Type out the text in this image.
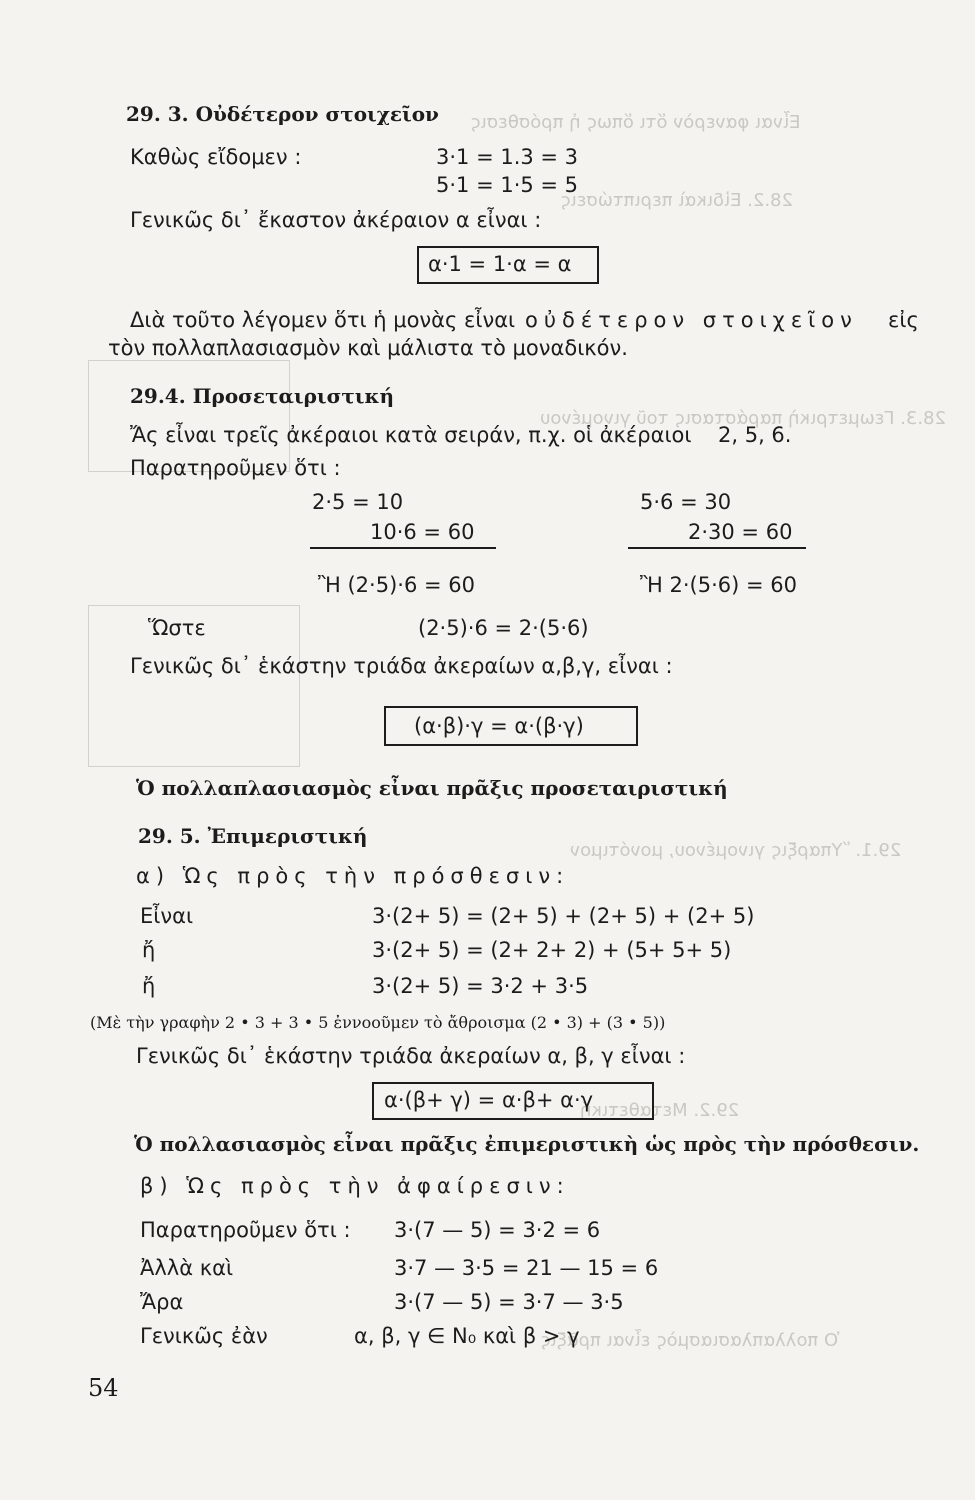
Εἶναι φανερὸν ὅτι ὅπως ἡ πρόσθεσις
28.2. Εἰδικαὶ περιπτώσεις
28.3. Γεωμετρικὴ παράστασις τοῦ γινομένου
29.1. Ὕπαρξις γινομένου, μονότιμον
29.2. Μεταθετική
Ὁ πολλαπλασιασμὸς εἶναι πρᾶξις
29. 3. Οὐδέτερον στοιχεῖον
Καθὼς εἴδομεν :	3·1 = 1.3 = 3
5·1 = 1·5 = 5
Γενικῶς δι᾽ ἔκαστον ἀκέραιον α εἶναι :
α·1 = 1·α = α
Διὰ τοῦτο λέγομεν ὅτι ἡ μονὰς εἶναι οὐδέτερον στοιχεῖον εἰς
τὸν πολλαπλασιασμὸν καὶ μάλιστα τὸ μοναδικόν.
29.4. Προσεταιριστική
Ἄς εἶναι τρεῖς ἀκέραιοι κατὰ σειράν, π.χ. οἱ ἀκέραιοι 2, 5, 6.
Παρατηροῦμεν ὅτι :
2·5 = 10
10·6 = 60
Ἢ (2·5)·6 = 60
5·6 = 30
2·30 = 60
Ἢ 2·(5·6) = 60
Ὥστε	(2·5)·6 = 2·(5·6)
Γενικῶς δι᾽ ἑκάστην τριάδα ἀκεραίων α,β,γ, εἶναι :
(α·β)·γ = α·(β·γ)
Ὁ πολλαπλασιασμὸς εἶναι πρᾶξις προσεταιριστική
29. 5. Ἐπιμεριστική
α) Ὡς πρὸς τὴν πρόσθεσιν:
Εἶναι	3·(2+ 5) = (2+ 5) + (2+ 5) + (2+ 5)
ἤ	3·(2+ 5) = (2+ 2+ 2) + (5+ 5+ 5)
ἤ	3·(2+ 5) = 3·2 + 3·5
(Μὲ τὴν γραφὴν 2 • 3 + 3 • 5 ἐννοοῦμεν τὸ ἄθροισμα (2 • 3) + (3 • 5))
Γενικῶς δι᾽ ἑκάστην τριάδα ἀκεραίων α, β, γ εἶναι :
α·(β+ γ) = α·β+ α·γ
Ὁ πολλασιασμὸς εἶναι πρᾶξις ἐπιμεριστικὴ ὡς πρὸς τὴν πρόσθεσιν.
β) Ὡς πρὸς τὴν ἀφαίρεσιν:
Παρατηροῦμεν ὅτι : 3·(7 — 5) = 3·2 = 6
Ἀλλὰ καὶ	3·7 — 3·5 = 21 — 15 = 6
Ἄρα	3·(7 — 5) = 3·7 — 3·5
Γενικῶς ἐὰν	α, β, γ ∈ N₀ καὶ β > γ
54
